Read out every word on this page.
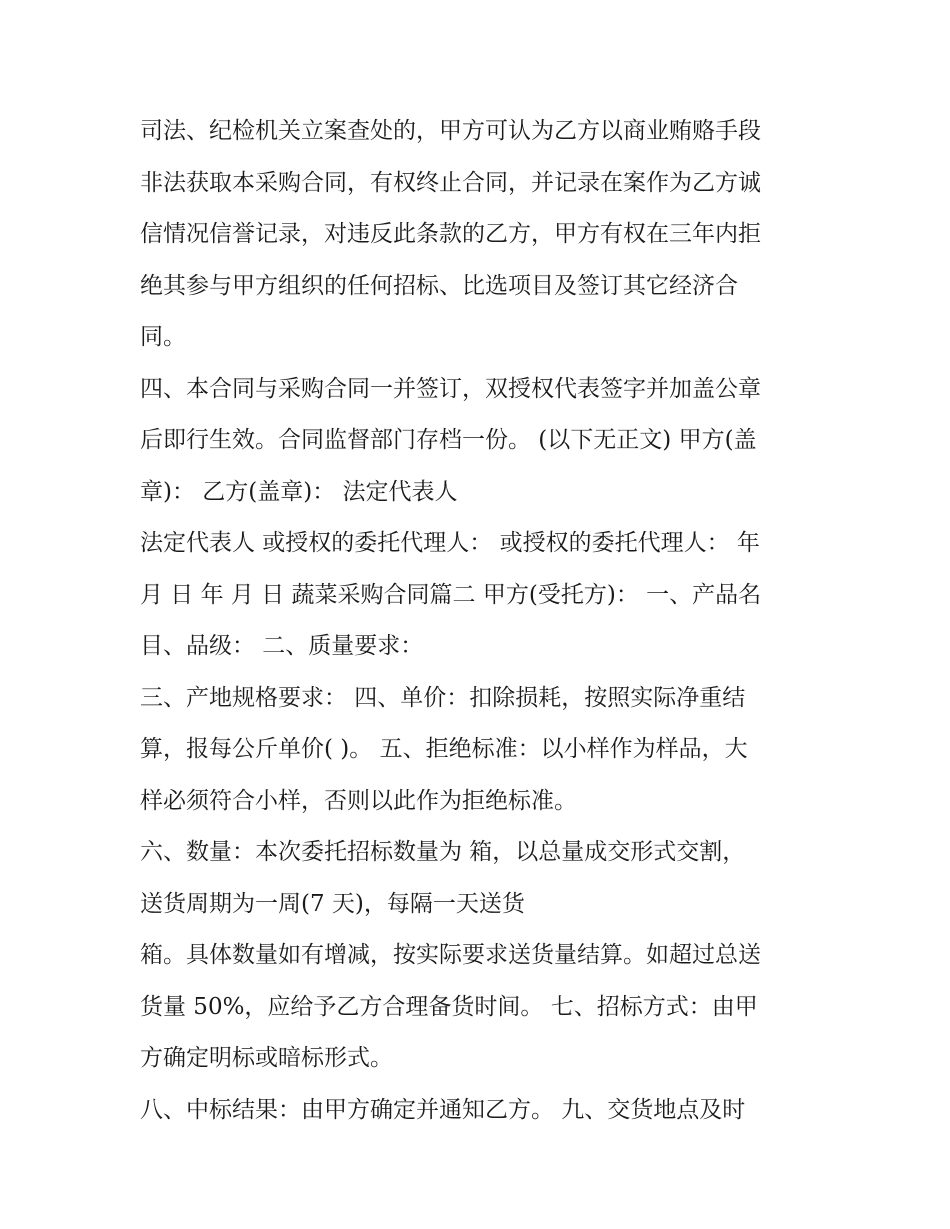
司法、纪检机关立案查处的，甲方可认为乙方以商业贿赂手段

非法获取本采购合同，有权终止合同，并记录在案作为乙方诚

信情况信誉记录，对违反此条款的乙方，甲方有权在三年内拒

绝其参与甲方组织的任何招标、比选项目及签订其它经济合

同。

四、本合同与采购合同一并签订，双授权代表签字并加盖公章

后即行生效。合同监督部门存档一份。 (以下无正文) 甲方(盖

章)： 乙方(盖章)： 法定代表人

法定代表人 或授权的委托代理人： 或授权的委托代理人： 年

月 日 年 月 日 蔬菜采购合同篇二 甲方(受托方)： 一、产品名

目、品级： 二、质量要求：

三、产地规格要求： 四、单价：扣除损耗，按照实际净重结

算，报每公斤单价( )。 五、拒绝标准：以小样作为样品，大

样必须符合小样，否则以此作为拒绝标准。

六、数量：本次委托招标数量为 箱，以总量成交形式交割，

送货周期为一周(7 天)，每隔一天送货

箱。具体数量如有增减，按实际要求送货量结算。如超过总送

货量 50%，应给予乙方合理备货时间。 七、招标方式：由甲

方确定明标或暗标形式。

八、中标结果：由甲方确定并通知乙方。 九、交货地点及时
